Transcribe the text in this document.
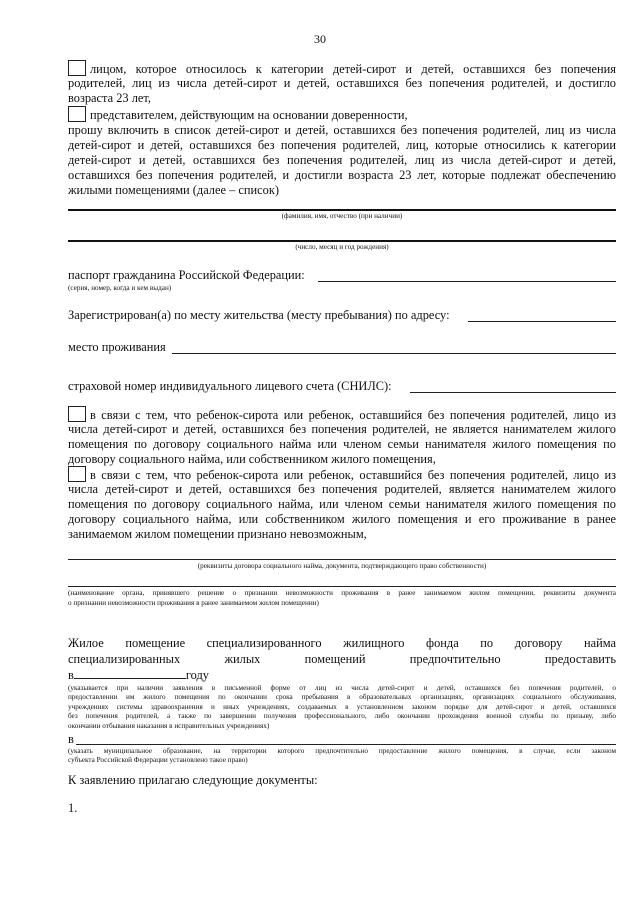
30
лицом, которое относилось к категории детей-сирот и детей, оставшихся без попечения
родителей, лиц из числа детей-сирот и детей, оставшихся без попечения родителей, и достигло
возраста 23 лет,
представителем, действующим на основании доверенности,
прошу включить в список детей-сирот и детей, оставшихся без попечения родителей, лиц из числа
детей-сирот и детей, оставшихся без попечения родителей, лиц, которые относились к категории
детей-сирот и детей, оставшихся без попечения родителей, лиц из числа детей-сирот и детей,
оставшихся без попечения родителей, и достигли возраста 23 лет, которые подлежат обеспечению
жилыми помещениями (далее – список)
(фамилия, имя, отчество (при наличии)
(число, месяц и год рождения)
паспорт гражданина Российской Федерации:
(серия, номер, когда и кем выдан)
Зарегистрирован(а) по месту жительства (месту пребывания) по адресу:
место проживания
страховой номер индивидуального лицевого счета (СНИЛС):
в связи с тем, что ребенок-сирота или ребенок, оставшийся без попечения родителей, лицо из
числа детей-сирот и детей, оставшихся без попечения родителей, не является нанимателем жилого
помещения по договору социального найма или членом семьи нанимателя жилого помещения по
договору социального найма, или собственником жилого помещения,
в связи с тем, что ребенок-сирота или ребенок, оставшийся без попечения родителей, лицо из
числа детей-сирот и детей, оставшихся без попечения родителей, является нанимателем жилого
помещения по договору социального найма, или членом семьи нанимателя жилого помещения по
договору социального найма, или собственником жилого помещения и его проживание в ранее
занимаемом жилом помещении признано невозможным,
(реквизиты договора социального найма, документа, подтверждающего право собственности)
(наименование органа, принявшего решение о признании невозможности проживания в ранее занимаемом жилом помещении, реквизиты документа
о признании невозможности проживания в ранее занимаемом жилом помещении)
Жилое помещение специализированного жилищного фонда по договору найма
специализированных жилых помещений предпочтительно предоставить
в	году
(указывается при наличии заявления в письменной форме от лиц из числа детей-сирот и детей, оставшихся без попечения родителей, о
предоставлении им жилого помещения по окончании срока пребывания в образовательных организациях, организациях социального обслуживания,
учреждениях системы здравоохранения и иных учреждениях, создаваемых в установленном законом порядке для детей-сирот и детей, оставшихся
без попечения родителей, а также по завершении получения профессионального, либо окончании прохождения военной службы по призыву, либо
окончании отбывания наказания в исправительных учреждениях)
в
(указать муниципальное образование, на территории которого предпочтительно предоставление жилого помещения, в случае, если законом
субъекта Российской Федерации установлено такое право)
К заявлению прилагаю следующие документы:
1.
